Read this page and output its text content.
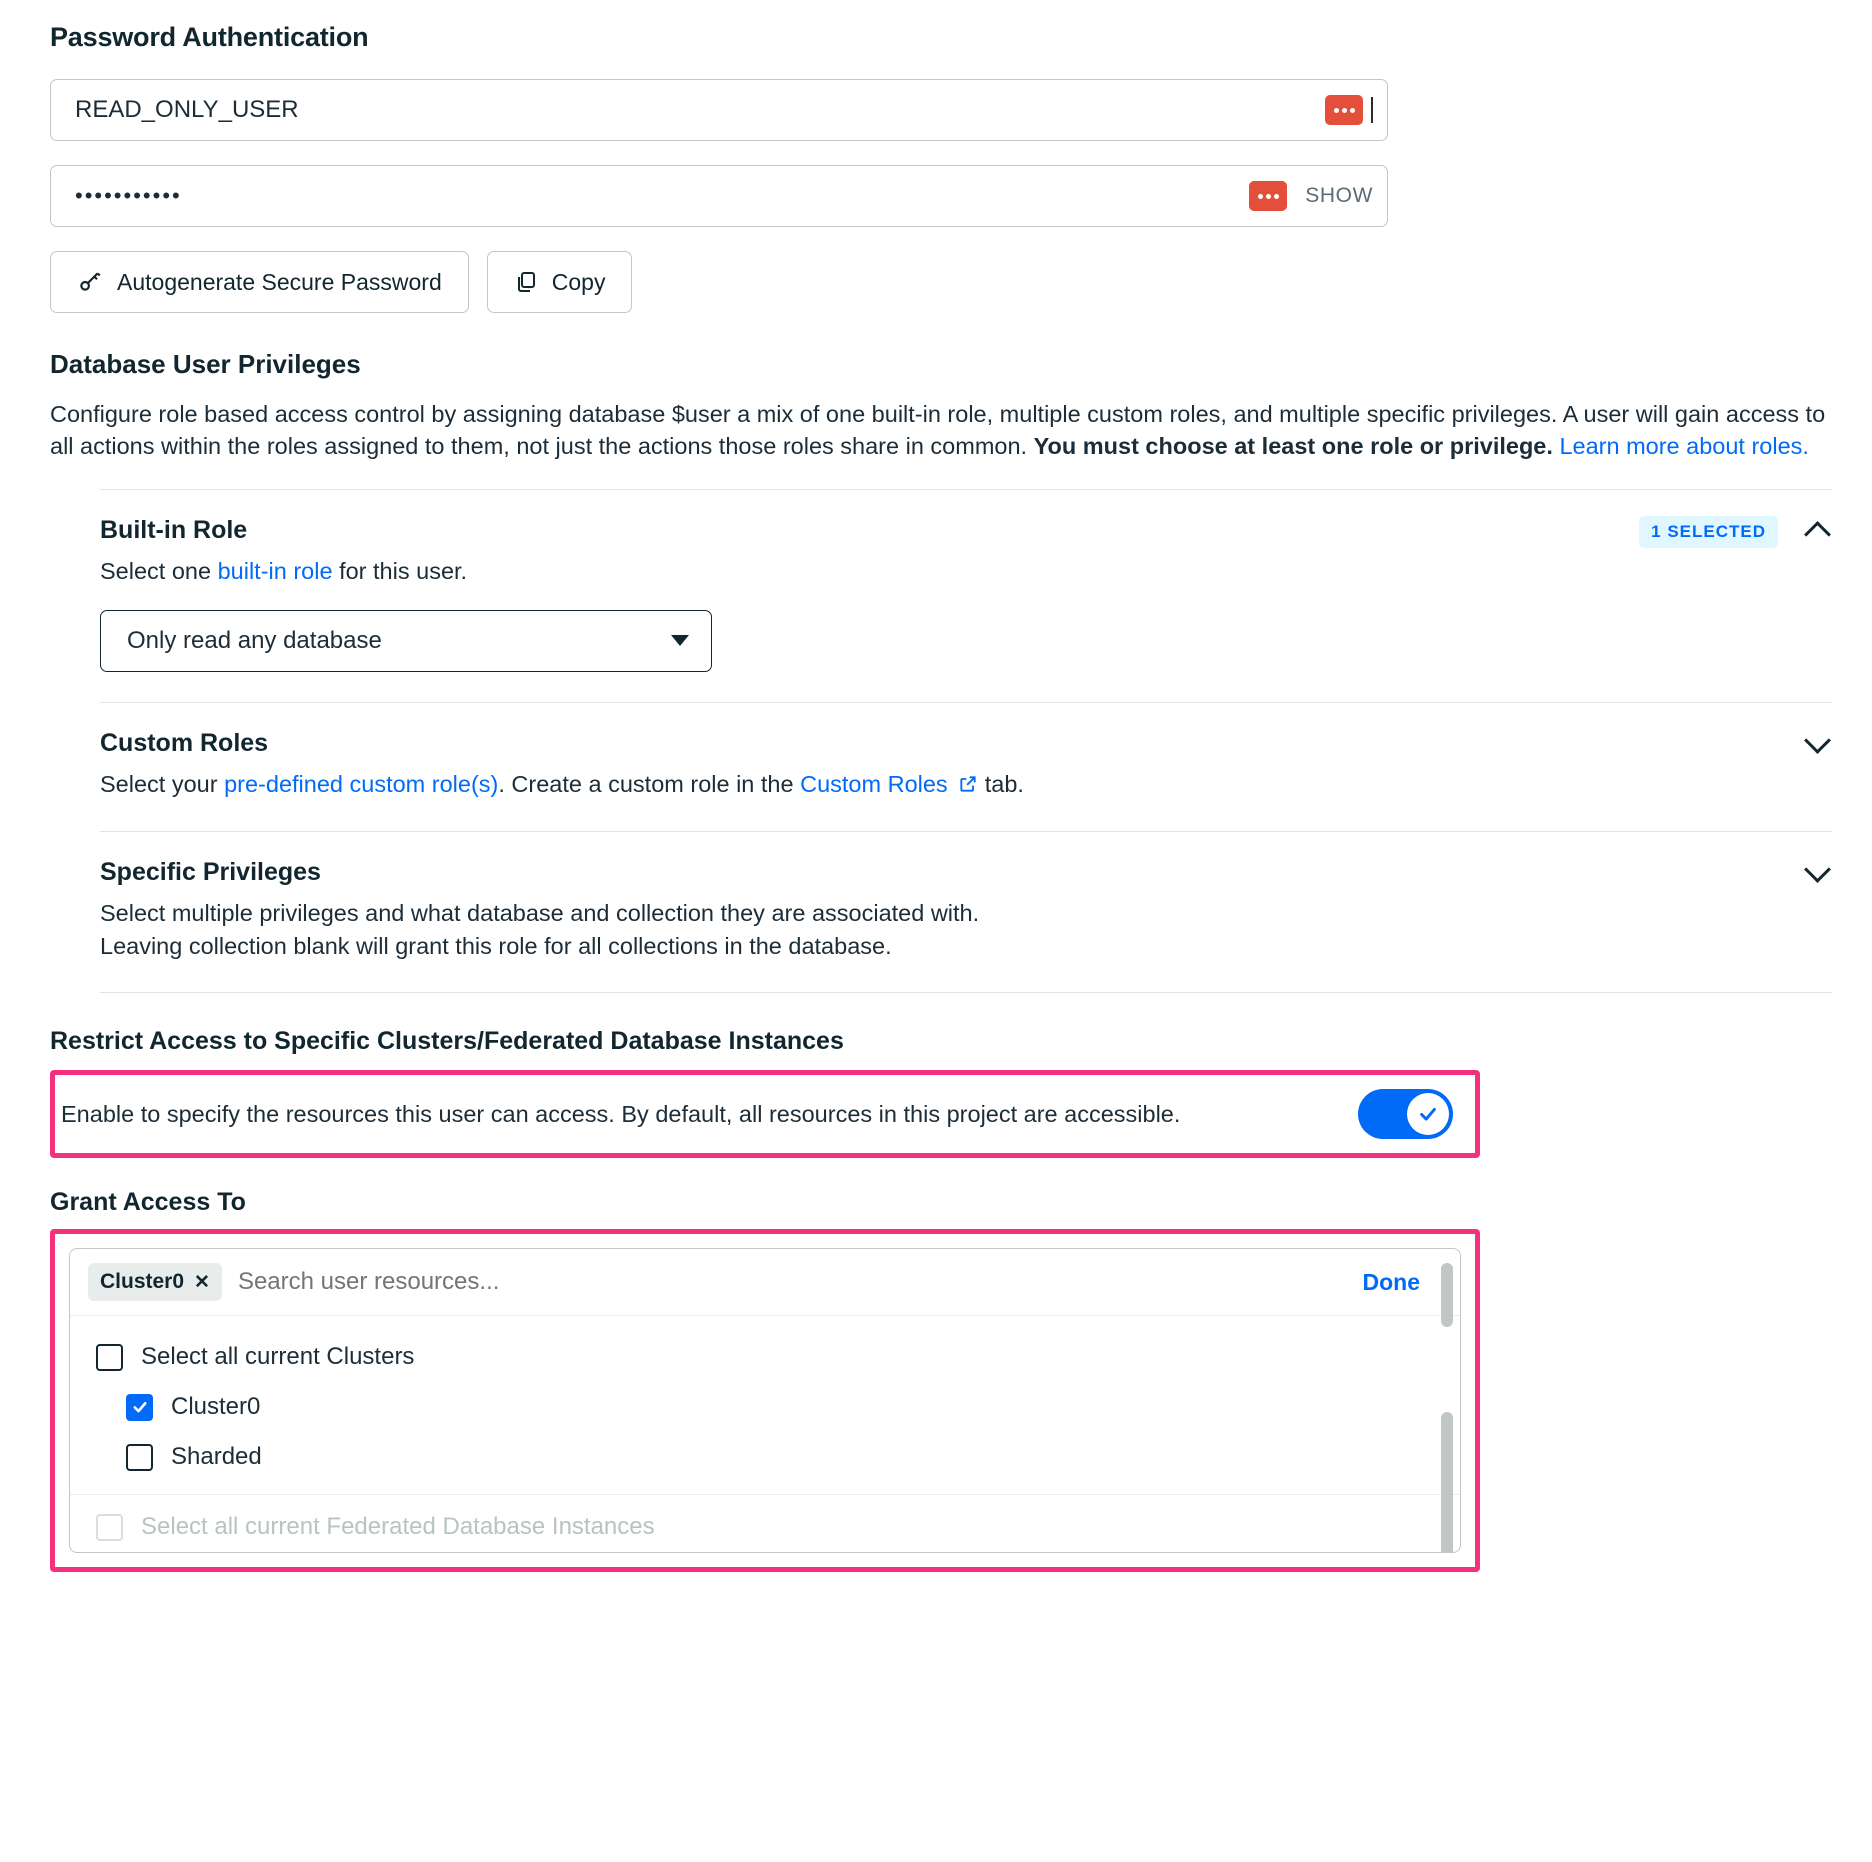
Password Authentication
READ_ONLY_USER
•••••••••••	SHOW
Autogenerate Secure Password	Copy
Database User Privileges

Configure role based access control by assigning database $user a mix of one built-in role, multiple custom roles, and multiple specific privileges. A user will gain access to all actions within the roles assigned to them, not just the actions those roles share in common. You must choose at least one role or privilege. Learn more about roles.

Built-in Role

Select one built-in role for this user.

1 SELECTED
Only read any database
Custom Roles

Select your pre-defined custom role(s). Create a custom role in the Custom Roles  tab.

Specific Privileges

Select multiple privileges and what database and collection they are associated with.

Leaving collection blank will grant this role for all collections in the database.

Restrict Access to Specific Clusters/Federated Database Instances
Enable to specify the resources this user can access. By default, all resources in this project are accessible.
Grant Access To
Cluster0 ✕
Search user resources...	Done
Select all current Clusters
Cluster0
Sharded
Select all current Federated Database Instances
